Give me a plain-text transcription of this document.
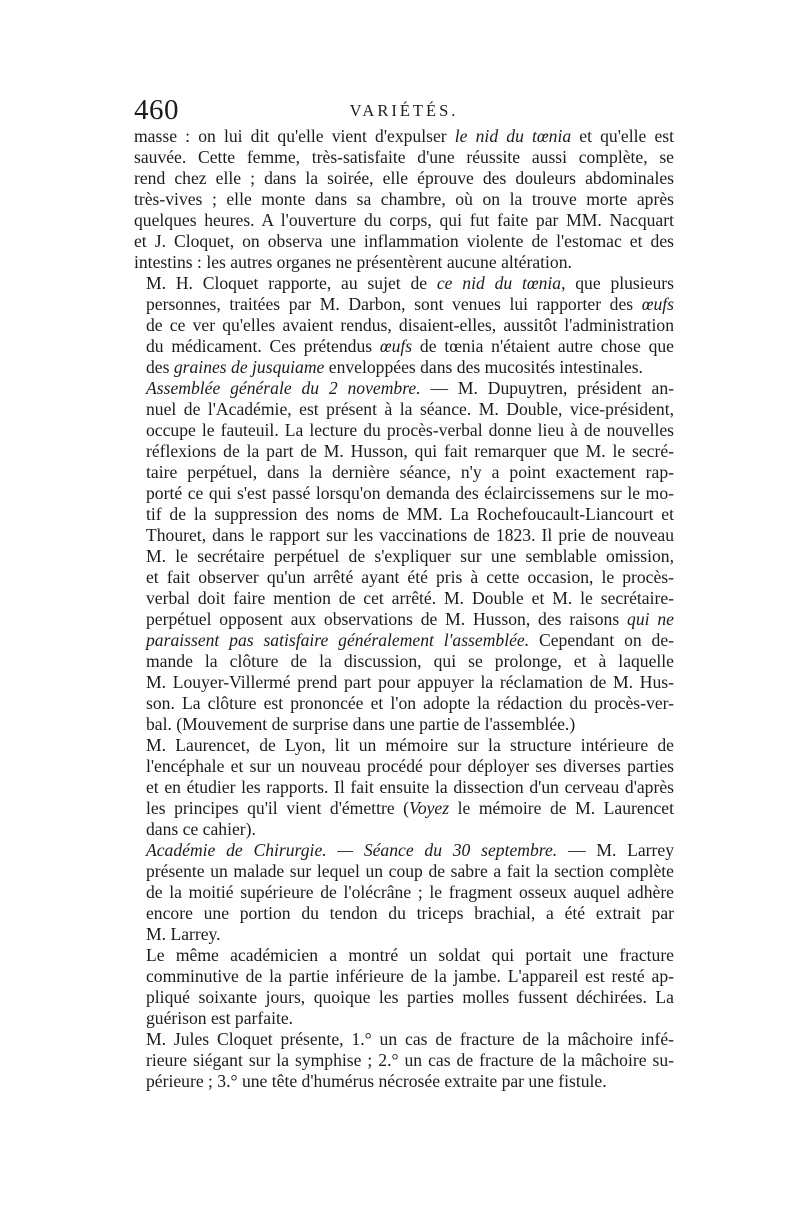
460	VARIÉTÉS.

masse : on lui dit qu'elle vient d'expulser le nid du tœnia et qu'elle est
sauvée. Cette femme, très-satisfaite d'une réussite aussi complète, se
rend chez elle ; dans la soirée, elle éprouve des douleurs abdominales
très-vives ; elle monte dans sa chambre, où on la trouve morte après
quelques heures. A l'ouverture du corps, qui fut faite par MM. Nacquart
et J. Cloquet, on observa une inflammation violente de l'estomac et des
intestins : les autres organes ne présentèrent aucune altération.

M. H. Cloquet rapporte, au sujet de ce nid du tœnia, que plusieurs
personnes, traitées par M. Darbon, sont venues lui rapporter des œufs
de ce ver qu'elles avaient rendus, disaient-elles, aussitôt l'administration
du médicament. Ces prétendus œufs de tœnia n'étaient autre chose que
des graines de jusquiame enveloppées dans des mucosités intestinales.

Assemblée générale du 2 novembre. — M. Dupuytren, président an-
nuel de l'Académie, est présent à la séance. M. Double, vice-président,
occupe le fauteuil. La lecture du procès-verbal donne lieu à de nouvelles
réflexions de la part de M. Husson, qui fait remarquer que M. le secré-
taire perpétuel, dans la dernière séance, n'y a point exactement rap-
porté ce qui s'est passé lorsqu'on demanda des éclaircissemens sur le mo-
tif de la suppression des noms de MM. La Rochefoucault-Liancourt et
Thouret, dans le rapport sur les vaccinations de 1823. Il prie de nouveau
M. le secrétaire perpétuel de s'expliquer sur une semblable omission,
et fait observer qu'un arrêté ayant été pris à cette occasion, le procès-
verbal doit faire mention de cet arrêté. M. Double et M. le secrétaire-
perpétuel opposent aux observations de M. Husson, des raisons qui ne
paraissent pas satisfaire généralement l'assemblée. Cependant on de-
mande la clôture de la discussion, qui se prolonge, et à laquelle
M. Louyer-Villermé prend part pour appuyer la réclamation de M. Hus-
son. La clôture est prononcée et l'on adopte la rédaction du procès-ver-
bal. (Mouvement de surprise dans une partie de l'assemblée.)

M. Laurencet, de Lyon, lit un mémoire sur la structure intérieure de
l'encéphale et sur un nouveau procédé pour déployer ses diverses parties
et en étudier les rapports. Il fait ensuite la dissection d'un cerveau d'après
les principes qu'il vient d'émettre (Voyez le mémoire de M. Laurencet
dans ce cahier).

Académie de Chirurgie. — Séance du 30 septembre. — M. Larrey
présente un malade sur lequel un coup de sabre a fait la section complète
de la moitié supérieure de l'olécrâne ; le fragment osseux auquel adhère
encore une portion du tendon du triceps brachial, a été extrait par
M. Larrey.

Le même académicien a montré un soldat qui portait une fracture
comminutive de la partie inférieure de la jambe. L'appareil est resté ap-
pliqué soixante jours, quoique les parties molles fussent déchirées. La
guérison est parfaite.

M. Jules Cloquet présente, 1.° un cas de fracture de la mâchoire infé-
rieure siégant sur la symphise ; 2.° un cas de fracture de la mâchoire su-
périeure ; 3.° une tête d'humérus nécrosée extraite par une fistule.
